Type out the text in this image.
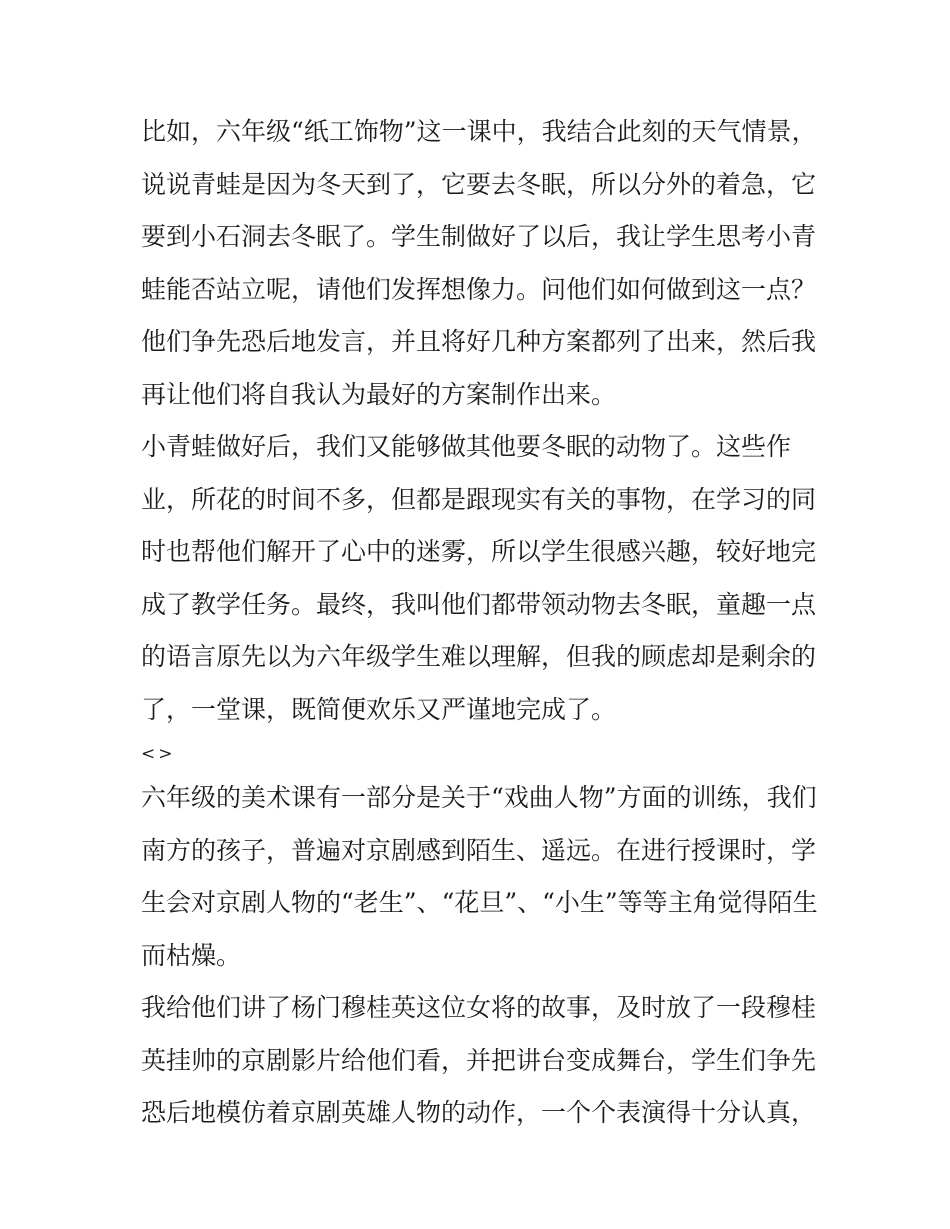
比如，六年级“纸工饰物”这一课中，我结合此刻的天气情景，
说说青蛙是因为冬天到了，它要去冬眠，所以分外的着急，它
要到小石洞去冬眠了。学生制做好了以后，我让学生思考小青
蛙能否站立呢，请他们发挥想像力。问他们如何做到这一点？
他们争先恐后地发言，并且将好几种方案都列了出来，然后我
再让他们将自我认为最好的方案制作出来。
小青蛙做好后，我们又能够做其他要冬眠的动物了。这些作
业，所花的时间不多，但都是跟现实有关的事物，在学习的同
时也帮他们解开了心中的迷雾，所以学生很感兴趣，较好地完
成了教学任务。最终，我叫他们都带领动物去冬眠，童趣一点
的语言原先以为六年级学生难以理解，但我的顾虑却是剩余的
了，一堂课，既简便欢乐又严谨地完成了。
<>
六年级的美术课有一部分是关于“戏曲人物”方面的训练，我们
南方的孩子，普遍对京剧感到陌生、遥远。在进行授课时，学
生会对京剧人物的“老生”、“花旦”、“小生”等等主角觉得陌生
而枯燥。
我给他们讲了杨门穆桂英这位女将的故事，及时放了一段穆桂
英挂帅的京剧影片给他们看，并把讲台变成舞台，学生们争先
恐后地模仿着京剧英雄人物的动作，一个个表演得十分认真，
